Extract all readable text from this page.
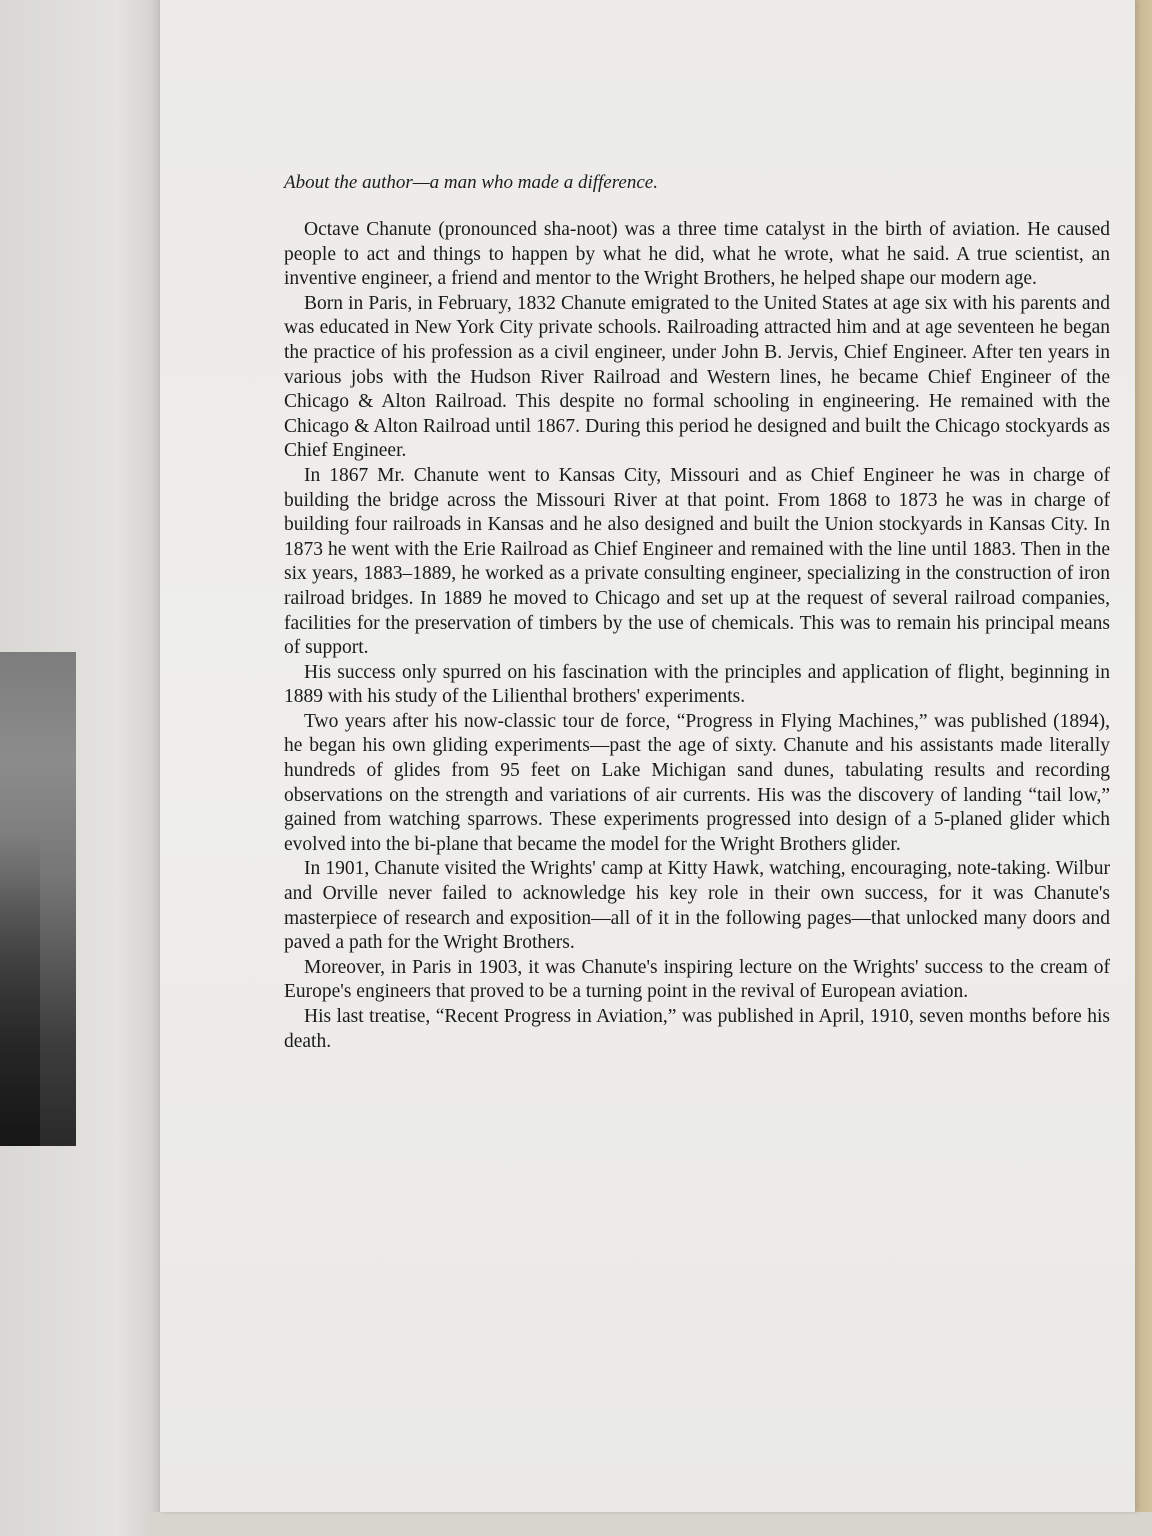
About the author—a man who made a difference.

Octave Chanute (pronounced sha-noot) was a three time catalyst in the birth of aviation. He caused people to act and things to happen by what he did, what he wrote, what he said. A true scientist, an inventive engineer, a friend and mentor to the Wright Brothers, he helped shape our modern age.

Born in Paris, in February, 1832 Chanute emigrated to the United States at age six with his parents and was educated in New York City private schools. Railroading attracted him and at age seventeen he began the practice of his profession as a civil engineer, under John B. Jervis, Chief Engineer. After ten years in various jobs with the Hudson River Railroad and Western lines, he became Chief Engineer of the Chicago & Alton Railroad. This despite no formal schooling in engineering. He remained with the Chicago & Alton Railroad until 1867. During this period he designed and built the Chicago stockyards as Chief Engineer.

In 1867 Mr. Chanute went to Kansas City, Missouri and as Chief Engineer he was in charge of building the bridge across the Missouri River at that point. From 1868 to 1873 he was in charge of building four railroads in Kansas and he also designed and built the Union stockyards in Kansas City. In 1873 he went with the Erie Railroad as Chief Engineer and remained with the line until 1883. Then in the six years, 1883–1889, he worked as a private consulting engineer, specializing in the construction of iron railroad bridges. In 1889 he moved to Chicago and set up at the request of several railroad companies, facilities for the preservation of timbers by the use of chemicals. This was to remain his principal means of support.

His success only spurred on his fascination with the principles and application of flight, beginning in 1889 with his study of the Lilienthal brothers' experiments.

Two years after his now-classic tour de force, “Progress in Flying Machines,” was published (1894), he began his own gliding experiments—past the age of sixty. Chanute and his assistants made literally hundreds of glides from 95 feet on Lake Michigan sand dunes, tabulating results and recording observations on the strength and variations of air currents. His was the discovery of landing “tail low,” gained from watching sparrows. These experiments progressed into design of a 5-planed glider which evolved into the bi-plane that became the model for the Wright Brothers glider.

In 1901, Chanute visited the Wrights' camp at Kitty Hawk, watching, encouraging, note-taking. Wilbur and Orville never failed to acknowledge his key role in their own success, for it was Chanute's masterpiece of research and exposition—all of it in the following pages—that unlocked many doors and paved a path for the Wright Brothers.

Moreover, in Paris in 1903, it was Chanute's inspiring lecture on the Wrights' success to the cream of Europe's engineers that proved to be a turning point in the revival of European aviation.

His last treatise, “Recent Progress in Aviation,” was published in April, 1910, seven months before his death.
